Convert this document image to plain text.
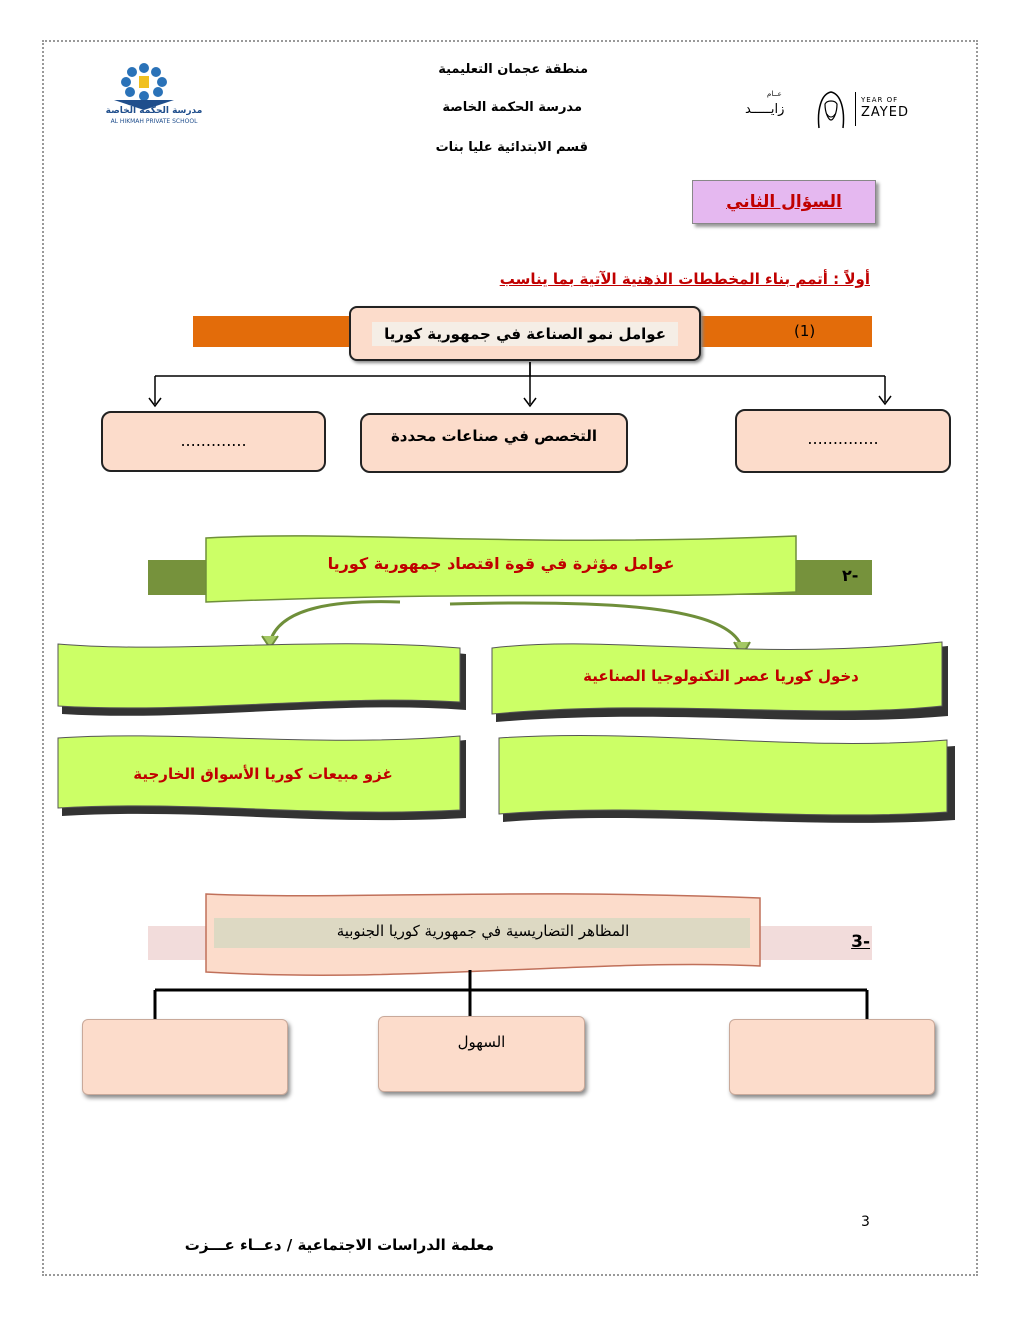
مدرسة الحكمة الخاصة
AL HIKMAH PRIVATE SCHOOL
منطقة عجمان التعليمية
مدرسة الحكمة الخاصة
قسم الابتدائية عليا بنات
عــام
زايـــــد
YEAR OF
ZAYED
السؤال الثاني
أولاً : أتمم بناء المخططات الذهنية الآتية بما يناسب
(1)
عوامل نمو الصناعة في جمهورية كوريا
..............
التخصص في صناعات محددة
.............
٢-
عوامل مؤثرة في قوة اقتصاد جمهورية كوريا
دخول كوريا عصر التكنولوجيا الصناعية
غزو مبيعات كوريا الأسواق الخارجية
3-
المظاهر التضاريسية في جمهورية كوريا الجنوبية
السهول
3
معلمة الدراسات الاجتماعية / دعــاء عـــزت
